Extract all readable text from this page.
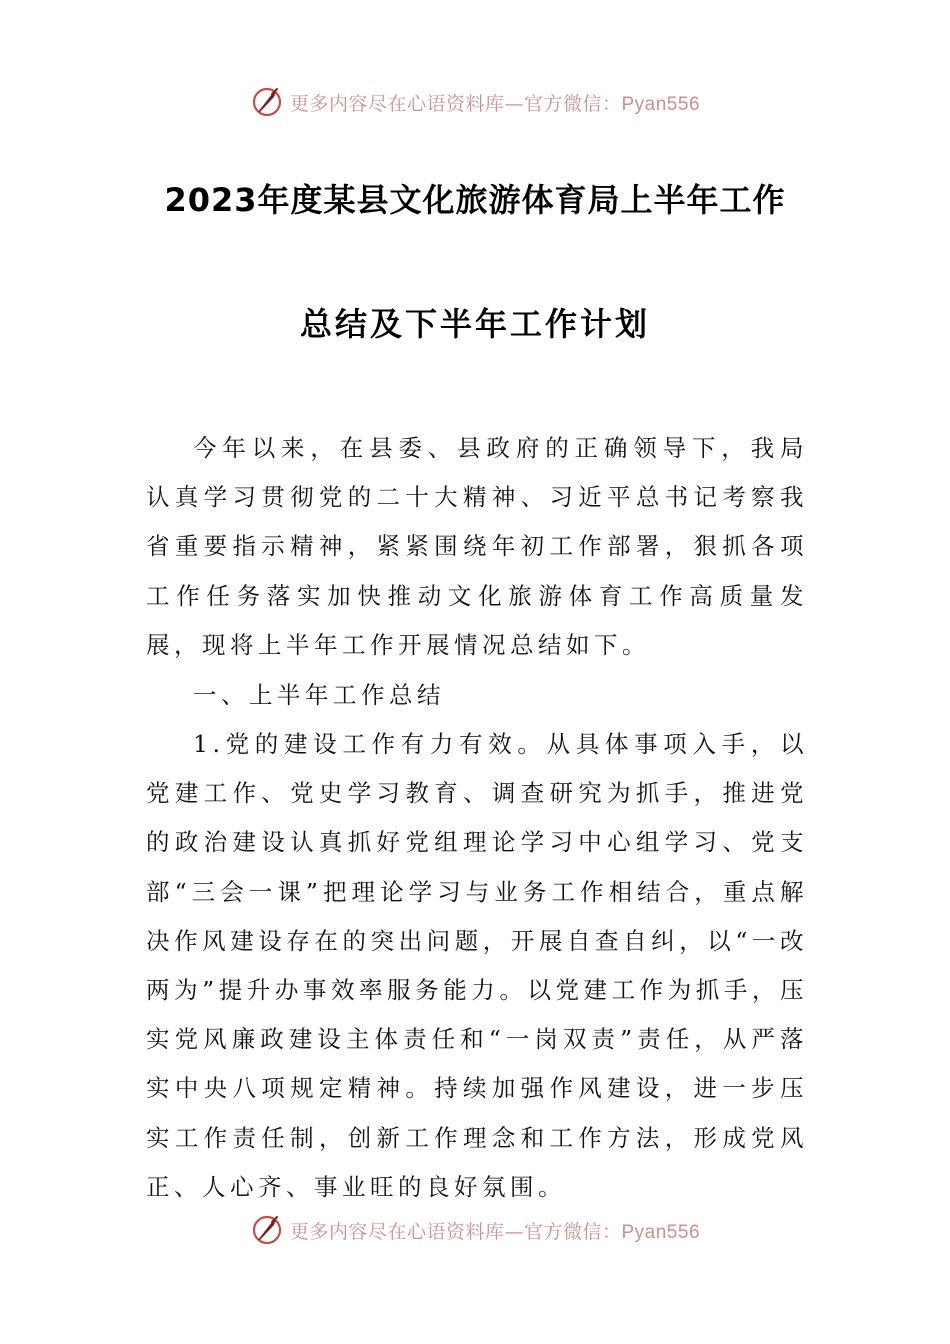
更多内容尽在心语资料库—官方微信：Pyan556
2023年度某县文化旅游体育局上半年工作
总结及下半年工作计划

今年以来，在县委、县政府的正确领导下，我局认真学习贯彻党的二十大精神、习近平总书记考察我省重要指示精神，紧紧围绕年初工作部署，狠抓各项工作任务落实加快推动文化旅游体育工作高质量发展，现将上半年工作开展情况总结如下。

一、上半年工作总结

1.党的建设工作有力有效。从具体事项入手，以党建工作、党史学习教育、调查研究为抓手，推进党的政治建设认真抓好党组理论学习中心组学习、党支部“三会一课”把理论学习与业务工作相结合，重点解决作风建设存在的突出问题，开展自查自纠，以“一改两为”提升办事效率服务能力。以党建工作为抓手，压实党风廉政建设主体责任和“一岗双责”责任，从严落实中央八项规定精神。持续加强作风建设，进一步压实工作责任制，创新工作理念和工作方法，形成党风正、人心齐、事业旺的良好氛围。

更多内容尽在心语资料库—官方微信：Pyan556
